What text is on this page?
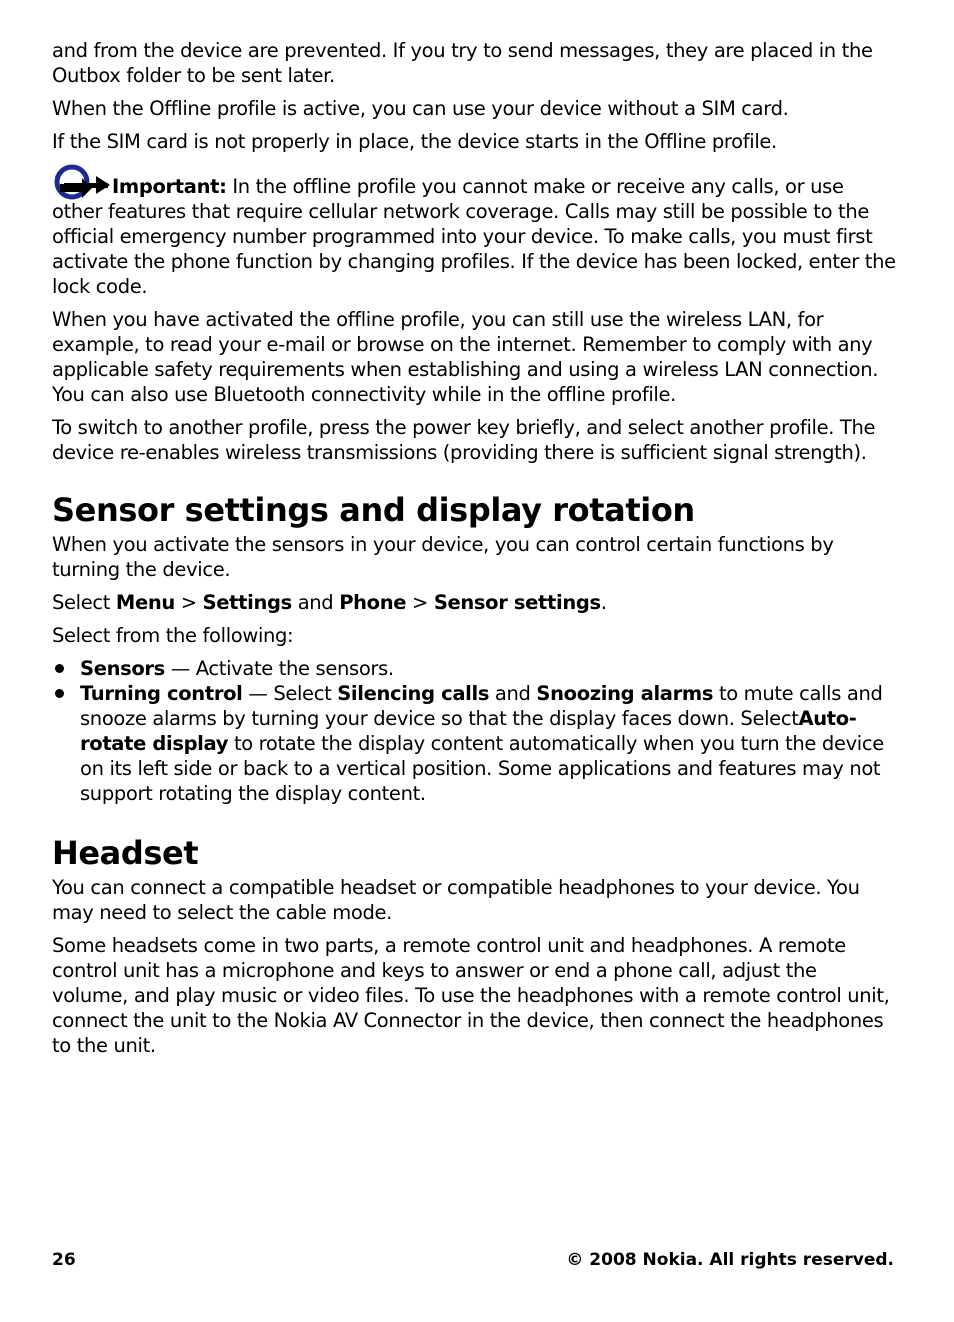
and from the device are prevented. If you try to send messages, they are placed in the Outbox folder to be sent later.

When the Offline profile is active, you can use your device without a SIM card.

If the SIM card is not properly in place, the device starts in the Offline profile.

Important: In the offline profile you cannot make or receive any calls, or use other features that require cellular network coverage. Calls may still be possible to the official emergency number programmed into your device. To make calls, you must first activate the phone function by changing profiles. If the device has been locked, enter the lock code.

When you have activated the offline profile, you can still use the wireless LAN, for example, to read your e-mail or browse on the internet. Remember to comply with any applicable safety requirements when establishing and using a wireless LAN connection. You can also use Bluetooth connectivity while in the offline profile.

To switch to another profile, press the power key briefly, and select another profile. The device re-enables wireless transmissions (providing there is sufficient signal strength).

Sensor settings and display rotation

When you activate the sensors in your device, you can control certain functions by turning the device.

Select Menu > Settings and Phone > Sensor settings.

Select from the following:

Sensors — Activate the sensors.
Turning control — Select Silencing calls and Snoozing alarms to mute calls and snooze alarms by turning your device so that the display faces down. SelectAuto-rotate display to rotate the display content automatically when you turn the device on its left side or back to a vertical position. Some applications and features may not support rotating the display content.
Headset

You can connect a compatible headset or compatible headphones to your device. You may need to select the cable mode.

Some headsets come in two parts, a remote control unit and headphones. A remote control unit has a microphone and keys to answer or end a phone call, adjust the volume, and play music or video files. To use the headphones with a remote control unit, connect the unit to the Nokia AV Connector in the device, then connect the headphones to the unit.

26	© 2008 Nokia. All rights reserved.
